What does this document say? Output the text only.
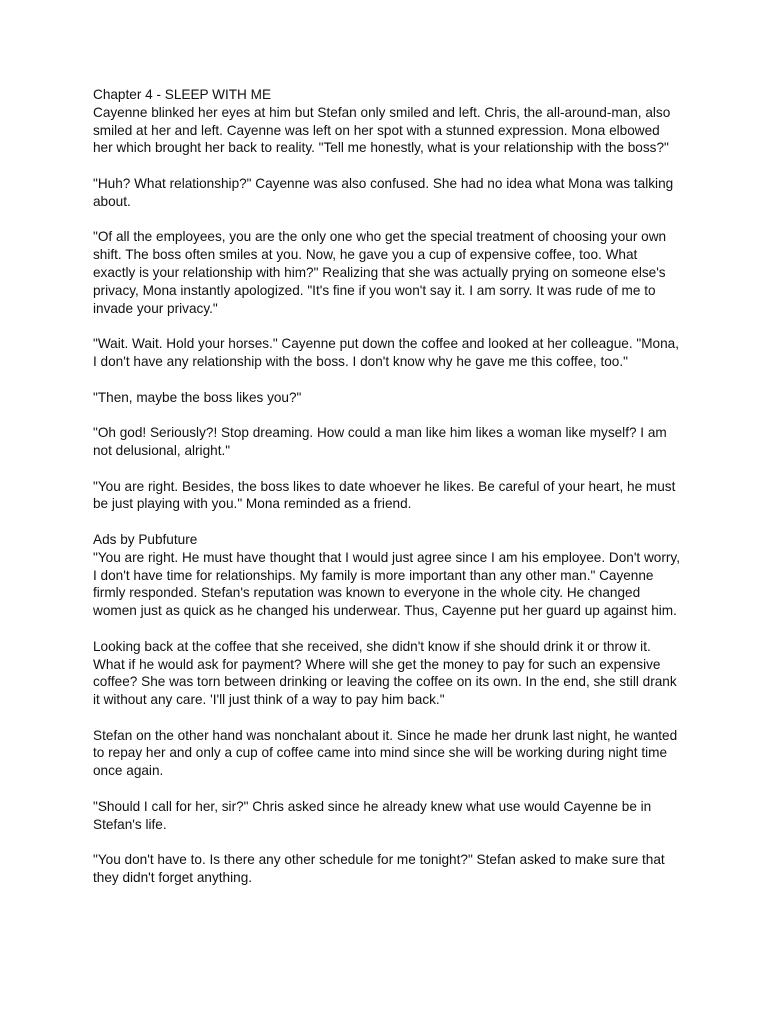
Chapter 4 - SLEEP WITH ME

Cayenne blinked her eyes at him but Stefan only smiled and left. Chris, the all-around-man, also smiled at her and left. Cayenne was left on her spot with a stunned expression. Mona elbowed her which brought her back to reality. "Tell me honestly, what is your relationship with the boss?"

"Huh? What relationship?" Cayenne was also confused. She had no idea what Mona was talking about.

"Of all the employees, you are the only one who get the special treatment of choosing your own shift. The boss often smiles at you. Now, he gave you a cup of expensive coffee, too. What exactly is your relationship with him?" Realizing that she was actually prying on someone else's privacy, Mona instantly apologized. "It's fine if you won't say it. I am sorry. It was rude of me to invade your privacy."

"Wait. Wait. Hold your horses." Cayenne put down the coffee and looked at her colleague. "Mona, I don't have any relationship with the boss. I don't know why he gave me this coffee, too."

"Then, maybe the boss likes you?"

"Oh god! Seriously?! Stop dreaming. How could a man like him likes a woman like myself? I am not delusional, alright."

"You are right. Besides, the boss likes to date whoever he likes. Be careful of your heart, he must be just playing with you." Mona reminded as a friend.

Ads by Pubfuture

"You are right. He must have thought that I would just agree since I am his employee. Don't worry, I don't have time for relationships. My family is more important than any other man." Cayenne firmly responded. Stefan's reputation was known to everyone in the whole city. He changed women just as quick as he changed his underwear. Thus, Cayenne put her guard up against him.

Looking back at the coffee that she received, she didn't know if she should drink it or throw it. What if he would ask for payment? Where will she get the money to pay for such an expensive coffee? She was torn between drinking or leaving the coffee on its own. In the end, she still drank it without any care. 'I'll just think of a way to pay him back."

Stefan on the other hand was nonchalant about it. Since he made her drunk last night, he wanted to repay her and only a cup of coffee came into mind since she will be working during night time once again.

"Should I call for her, sir?" Chris asked since he already knew what use would Cayenne be in Stefan's life.

"You don't have to. Is there any other schedule for me tonight?" Stefan asked to make sure that they didn't forget anything.
